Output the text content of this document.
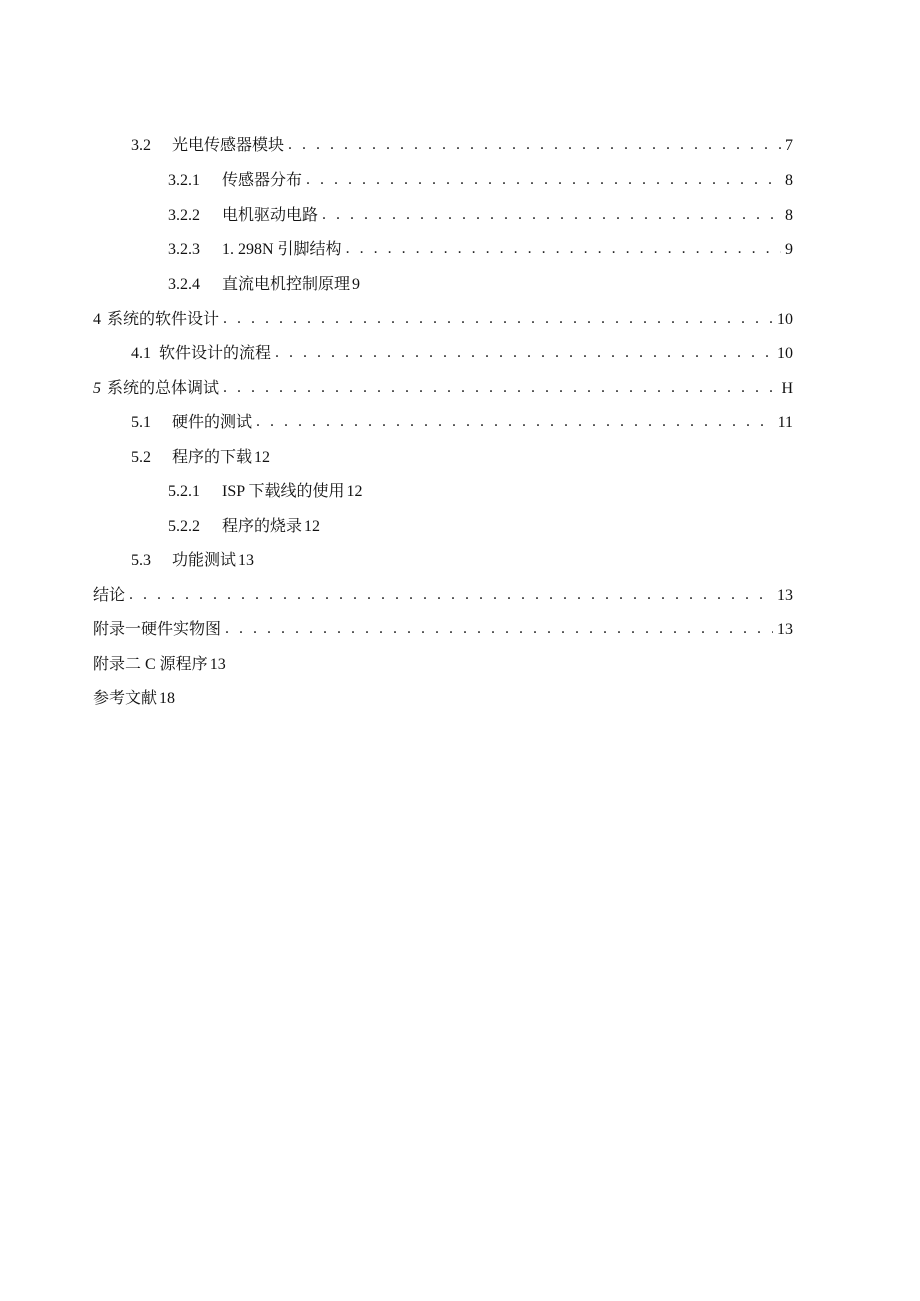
3.2	光电传感器模块 . . .	7
3.2.1	传感器分布 . . .	8
3.2.2	电机驱动电路 . . .	8
3.2.3	1. 298N 引脚结构 . . .	9
3.2.4	直流电机控制原理 9
4 系统的软件设计 . . .	10
4.1 软件设计的流程 . . .	10
5 系统的总体调试 . . .	H
5.1	硬件的测试 . . .	11
5.2	程序的下载 12
5.2.1	ISP 下载线的使用 12
5.2.2	程序的烧录 12
5.3	功能测试 13
结论 . . .	13
附录一硬件实物图 . . .	13
附录二 C 源程序 13
参考文献 18
